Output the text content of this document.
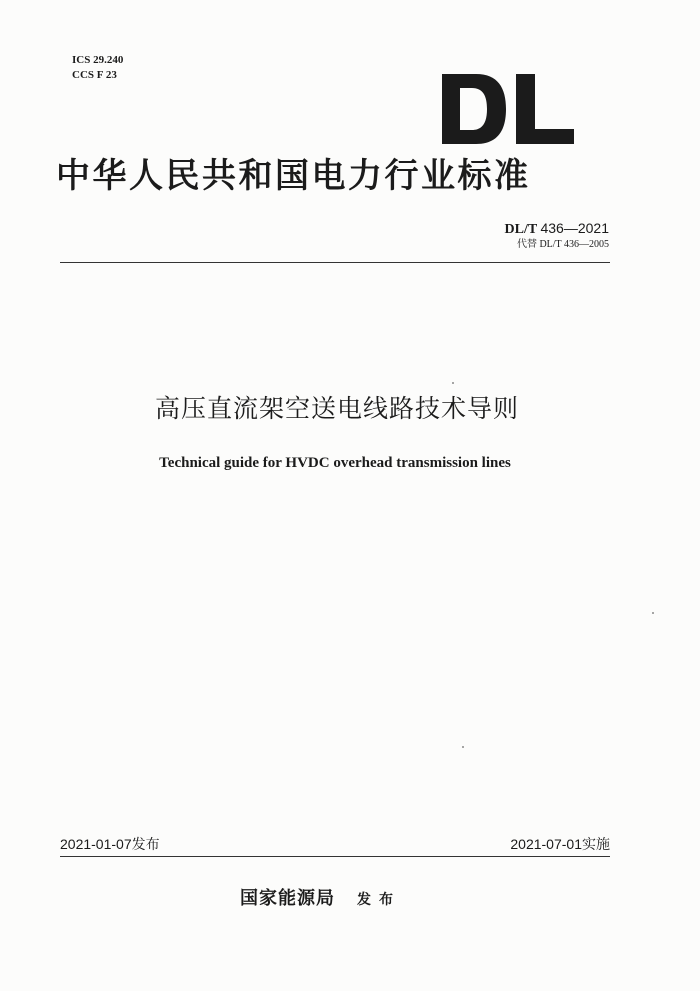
ICS 29.240
CCS F 23
中华人民共和国电力行业标准
DL/T 436—2021
代替 DL/T 436—2005
高压直流架空送电线路技术导则
Technical guide for HVDC overhead transmission lines
2021-01-07发布	2021-07-01实施
国家能源局 发布
